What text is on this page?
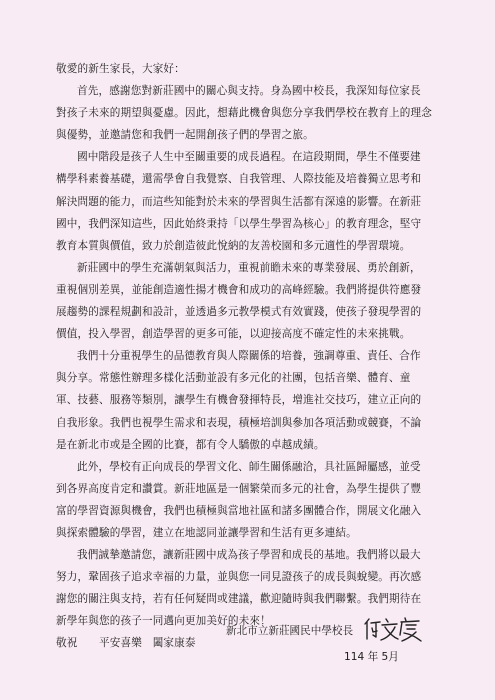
敬愛的新生家長，大家好：
首先，感謝您對新莊國中的關心與支持。身為國中校長，我深知每位家長
對孩子未來的期望與憂慮。因此，想藉此機會與您分享我們學校在教育上的理念
與優勢，並邀請您和我們一起開創孩子們的學習之旅。
國中階段是孩子人生中至關重要的成長過程。在這段期間，學生不僅要建
構學科素養基礎，還需學會自我覺察、自我管理、人際技能及培養獨立思考和
解決問題的能力，而這些知能對於未來的學習與生活都有深遠的影響。在新莊
國中，我們深知這些，因此始終秉持「以學生學習為核心」的教育理念，堅守
教育本質與價值，致力於創造彼此悅納的友善校園和多元適性的學習環境。
新莊國中的學生充滿朝氣與活力，重視前瞻未來的專業發展、勇於創新，
重視個別差異，並能創造適性揚才機會和成功的高峰經驗。我們將提供符應發
展趨勢的課程規劃和設計，並透過多元教學模式有效實踐，使孩子發現學習的
價值，投入學習，創造學習的更多可能，以迎接高度不確定性的未來挑戰。
我們十分重視學生的品德教育與人際關係的培養，強調尊重、責任、合作
與分享。常態性辦理多樣化活動並設有多元化的社團，包括音樂、體育、童
軍、技藝、服務等類別，讓學生有機會發揮特長，增進社交技巧，建立正向的
自我形象。我們也視學生需求和表現，積極培訓與參加各項活動或競賽，不論
是在新北市或是全國的比賽，都有令人驕傲的卓越成績。
此外，學校有正向成長的學習文化、師生關係融洽，具社區歸屬感，並受
到各界高度肯定和讚賞。新莊地區是一個繁榮而多元的社會，為學生提供了豐
富的學習資源與機會，我們也積極與當地社區和諸多團體合作，開展文化融入
與探索體驗的學習，建立在地認同並讓學習和生活有更多連結。
我們誠摯邀請您，讓新莊國中成為孩子學習和成長的基地。我們將以最大
努力，鞏固孩子追求幸福的力量，並與您一同見證孩子的成長與蛻變。再次感
謝您的關注與支持，若有任何疑問或建議，歡迎隨時與我們聯繫。我們期待在
新學年與您的孩子一同邁向更加美好的未來！
敬祝　　平安喜樂　闔家康泰
新北市立新莊國民中學校長
114 年 5月
